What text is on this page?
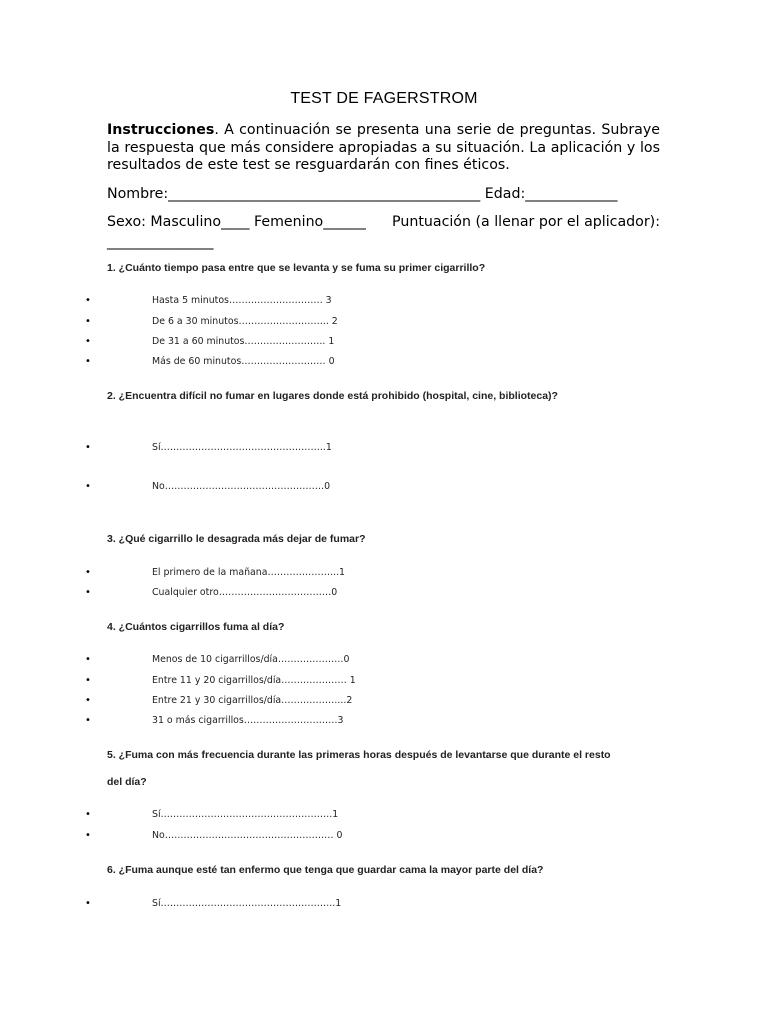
TEST DE FAGERSTROM
Instrucciones. A continuación se presenta una serie de preguntas. Subraye la respuesta que más considere apropiadas a su situación. La aplicación y los resultados de este test se resguardarán con fines éticos.
Nombre:____________________________________________ Edad:_____________
Sexo: Masculino____ Femenino______ Puntuación (a llenar por el aplicador):
_______________
1. ¿Cuánto tiempo pasa entre que se levanta y se fuma su primer cigarrillo?
•	Hasta 5 minutos………………………… 3
•	De 6 a 30 minutos……………………….. 2
•	De 31 a 60 minutos…………………….. 1
•	Más de 60 minutos……………………… 0
2. ¿Encuentra difícil no fumar en lugares donde está prohibido (hospital, cine, biblioteca)?
•	Sí……………………………………………..1
•	No……………………………………………0
3. ¿Qué cigarrillo le desagrada más dejar de fumar?
•	El primero de la mañana…………………..1
•	Cualquier otro………………………………0
4. ¿Cuántos cigarrillos fuma al día?
•	Menos de 10 cigarrillos/día…………………0
•	Entre 11 y 20 cigarrillos/día………………… 1
•	Entre 21 y 30 cigarrillos/día………………...2
•	31 o más cigarrillos…………………………3
5. ¿Fuma con más frecuencia durante las primeras horas después de levantarse que durante el resto
del día?
•	Sí……………………………………………….1
•	No……………………………………………… 0
6. ¿Fuma aunque esté tan enfermo que tenga que guardar cama la mayor parte del día?
•	Sí………………………………………………..1
